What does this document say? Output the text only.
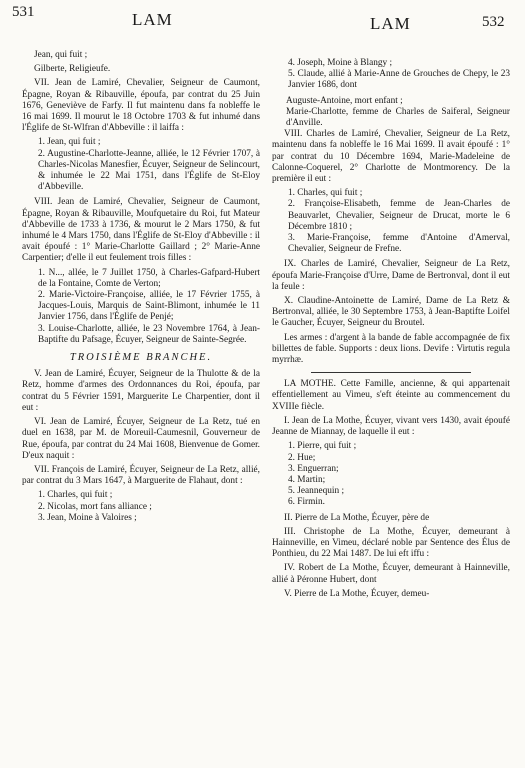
531	LAM	LAM	532

Jean, qui fuit ;

Gilberte, Religieufe.

VII. Jean de Lamiré, Chevalier, Seigneur de Caumont, Épagne, Royan & Ribauville, époufa, par contrat du 25 Juin 1676, Geneviève de Farfy. Il fut maintenu dans fa nobleffe le 16 mai 1699. Il mourut le 18 Octobre 1703 & fut inhumé dans l'Églife de St-Wlfran d'Abbeville : il laiffa :

1. Jean, qui fuit ;
2. Augustine-Charlotte-Jeanne, alliée, le 12 Février 1707, à Charles-Nicolas Manesfier, Écuyer, Seigneur de Selincourt, & inhumée le 22 Mai 1751, dans l'Églife de St-Eloy d'Abbeville.

VIII. Jean de Lamiré, Chevalier, Seigneur de Caumont, Épagne, Royan & Ribauville, Moufquetaire du Roi, fut Mateur d'Abbeville de 1733 à 1736, & mourut le 2 Mars 1750, & fut inhumé le 4 Mars 1750, dans l'Églife de St-Eloy d'Abbeville : il avait époufé : 1° Marie-Charlotte Gaillard ; 2° Marie-Anne Carpentier; d'elle il eut feulement trois filles :

1. N..., allée, le 7 Juillet 1750, à Charles-Gafpard-Hubert de la Fontaine, Comte de Verton;
2. Marie-Victoire-Françoise, alliée, le 17 Février 1755, à Jacques-Louis, Marquis de Saint-Blimont, inhumée le 11 Janvier 1756, dans l'Églife de Penjé;
3. Louise-Charlotte, alliée, le 23 Novembre 1764, à Jean-Baptifte du Pafsage, Écuyer, Seigneur de Sainte-Segrée.
TROISIÈME BRANCHE.

V. Jean de Lamiré, Écuyer, Seigneur de la Thulotte & de la Retz, homme d'armes des Ordonnances du Roi, époufa, par contrat du 5 Février 1591, Marguerite Le Charpentier, dont il eut :

VI. Jean de Lamiré, Écuyer, Seigneur de La Retz, tué en duel en 1638, par M. de Moreuil-Caumesnil, Gouverneur de Rue, époufa, par contrat du 24 Mai 1608, Bienvenue de Gomer. D'eux naquit :

VII. François de Lamiré, Écuyer, Seigneur de La Retz, allié, par contrat du 3 Mars 1647, à Marguerite de Flahaut, dont :

1. Charles, qui fuit ;
2. Nicolas, mort fans alliance ;
3. Jean, Moine à Valoires ;
4. Joseph, Moine à Blangy ;
5. Claude, allié à Marie-Anne de Grouches de Chepy, le 23 Janvier 1686, dont

Auguste-Antoine, mort enfant ;

Marie-Charlotte, femme de Charles de Saiferal, Seigneur d'Anville.

VIII. Charles de Lamiré, Chevalier, Seigneur de La Retz, maintenu dans fa nobleffe le 16 Mai 1699. Il avait époufé : 1° par contrat du 10 Décembre 1694, Marie-Madeleine de Calonne-Coquerel, 2° Charlotte de Montmorency. De la première il eut :

1. Charles, qui fuit ;
2. Françoise-Elisabeth, femme de Jean-Charles de Beauvarlet, Chevalier, Seigneur de Drucat, morte le 6 Décembre 1810 ;
3. Marie-Françoise, femme d'Antoine d'Amerval, Chevalier, Seigneur de Frefne.

IX. Charles de Lamiré, Chevalier, Seigneur de La Retz, époufa Marie-Françoise d'Urre, Dame de Bertronval, dont il eut la feule :

X. Claudine-Antoinette de Lamiré, Dame de La Retz & Bertronval, alliée, le 30 Septembre 1753, à Jean-Baptifte Loifel le Gaucher, Écuyer, Seigneur du Broutel.

Les armes : d'argent à la bande de fable accompagnée de fix billettes de fable. Supports : deux lions. Devife : Virtutis regula myrrhæ.

LA MOTHE. Cette Famille, ancienne, & qui appartenait effentiellement au Vimeu, s'eft éteinte au commencement du XVIIIe fiècle.

I. Jean de La Mothe, Écuyer, vivant vers 1430, avait époufé Jeanne de Miannay, de laquelle il eut :

1. Pierre, qui fuit ;
2. Hue;
3. Enguerran;
4. Martin;
5. Jeannequin ;
6. Firmin.

II. Pierre de La Mothe, Écuyer, père de

III. Christophe de La Mothe, Écuyer, demeurant à Hainneville, en Vimeu, déclaré noble par Sentence des Élus de Ponthieu, du 22 Mai 1487. De lui eft iffu :

IV. Robert de La Mothe, Écuyer, demeurant à Hainneville, allié à Péronne Hubert, dont

V. Pierre de La Mothe, Écuyer, demeu-
